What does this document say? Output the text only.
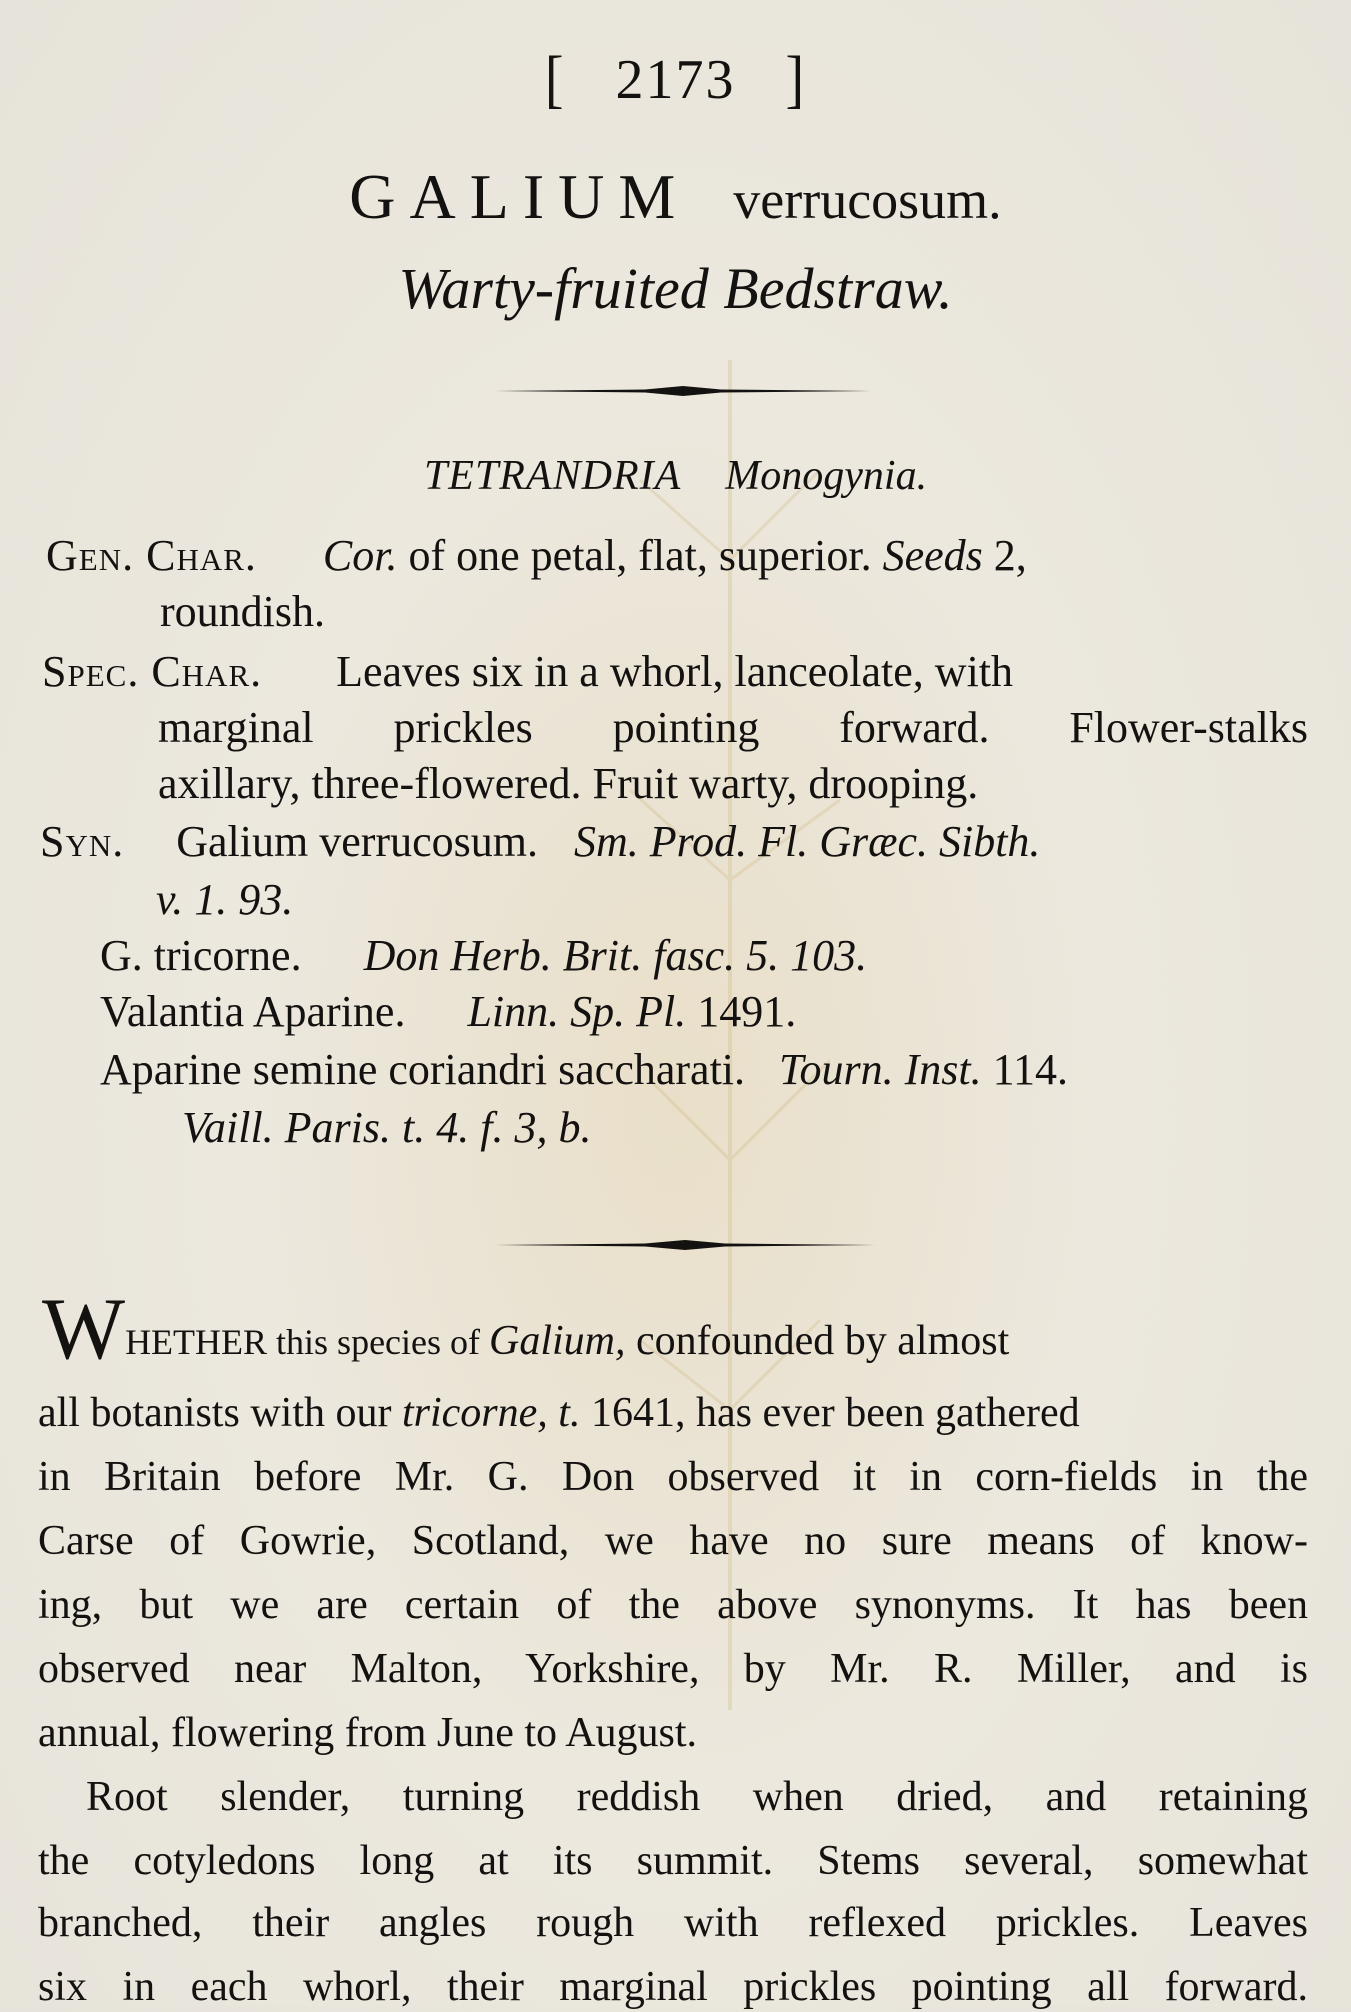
[ 2173 ]
GALIUM verrucosum.
Warty-fruited Bedstraw.
TETRANDRIA Monogynia.
Gen. Char. Cor. of one petal, flat, superior. Seeds 2,
roundish.
Spec. Char. Leaves six in a whorl, lanceolate, with
marginal prickles pointing forward. Flower-stalks
axillary, three-flowered. Fruit warty, drooping.
Syn. Galium verrucosum. Sm. Prod. Fl. Græc. Sibth.
v. 1. 93.
G. tricorne. Don Herb. Brit. fasc. 5. 103.
Valantia Aparine. Linn. Sp. Pl. 1491.
Aparine semine coriandri saccharati. Tourn. Inst. 114.
Vaill. Paris. t. 4. f. 3, b.
WHETHER this species of Galium, confounded by almost
all botanists with our tricorne, t. 1641, has ever been gathered
in Britain before Mr. G. Don observed it in corn-fields in the
Carse of Gowrie, Scotland, we have no sure means of know-
ing, but we are certain of the above synonyms. It has been
observed near Malton, Yorkshire, by Mr. R. Miller, and is
annual, flowering from June to August.
Root slender, turning reddish when dried, and retaining
the cotyledons long at its summit. Stems several, somewhat
branched, their angles rough with reflexed prickles. Leaves
six in each whorl, their marginal prickles pointing all forward.
